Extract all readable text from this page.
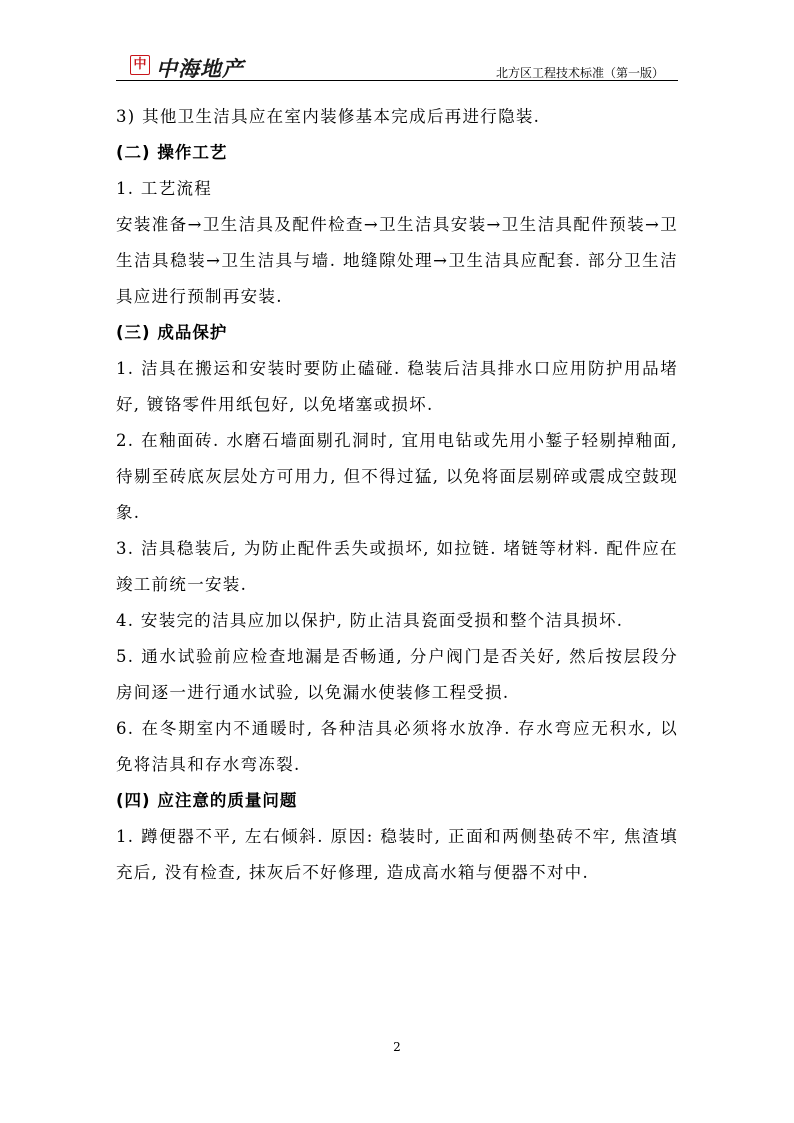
中 中海地产	北方区工程技术标准（第一版）

3) 其他卫生洁具应在室内装修基本完成后再进行隐装.

(二) 操作工艺

1. 工艺流程

安装准备→卫生洁具及配件检查→卫生洁具安装→卫生洁具配件预装→卫生洁具稳装→卫生洁具与墙. 地缝隙处理→卫生洁具应配套. 部分卫生洁具应进行预制再安装.

(三) 成品保护

1. 洁具在搬运和安装时要防止磕碰. 稳装后洁具排水口应用防护用品堵好, 镀铬零件用纸包好, 以免堵塞或损坏.

2. 在釉面砖. 水磨石墙面剔孔洞时, 宜用电钻或先用小錾子轻剔掉釉面, 待剔至砖底灰层处方可用力, 但不得过猛, 以免将面层剔碎或震成空鼓现象.

3. 洁具稳装后, 为防止配件丢失或损坏, 如拉链. 堵链等材料. 配件应在竣工前统一安装.

4. 安装完的洁具应加以保护, 防止洁具瓷面受损和整个洁具损坏.

5. 通水试验前应检查地漏是否畅通, 分户阀门是否关好, 然后按层段分房间逐一进行通水试验, 以免漏水使装修工程受损.

6. 在冬期室内不通暖时, 各种洁具必须将水放净. 存水弯应无积水, 以免将洁具和存水弯冻裂.

(四) 应注意的质量问题

1. 蹲便器不平, 左右倾斜. 原因: 稳装时, 正面和两侧垫砖不牢, 焦渣填充后, 没有检查, 抹灰后不好修理, 造成高水箱与便器不对中.

2
